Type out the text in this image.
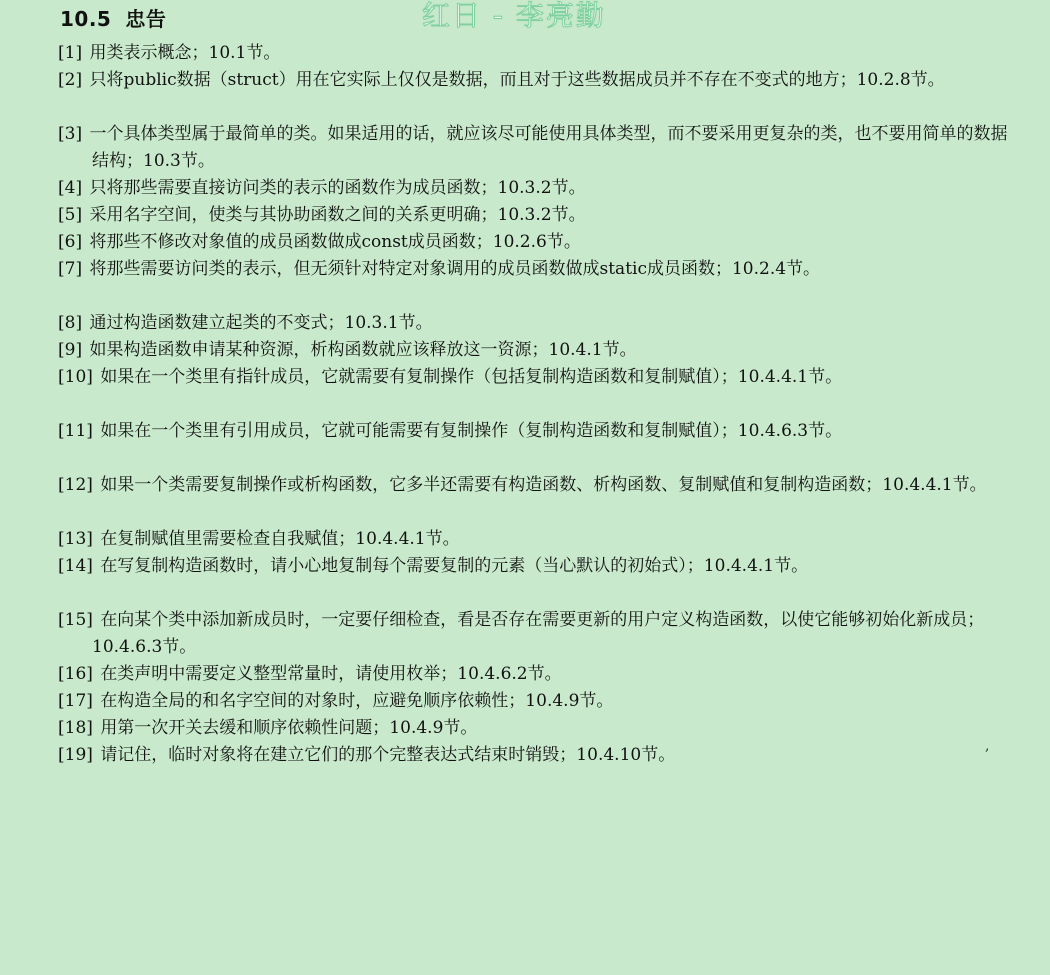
10.5 忠告	红日 - 李亮勤
[1] 用类表示概念；10.1节。
[2] 只将public数据（struct）用在它实际上仅仅是数据，而且对于这些数据成员并不存在不变式的地方；10.2.8节。
[3] 一个具体类型属于最简单的类。如果适用的话，就应该尽可能使用具体类型，而不要采用更复杂的类，也不要用简单的数据结构；10.3节。
[4] 只将那些需要直接访问类的表示的函数作为成员函数；10.3.2节。
[5] 采用名字空间，使类与其协助函数之间的关系更明确；10.3.2节。
[6] 将那些不修改对象值的成员函数做成const成员函数；10.2.6节。
[7] 将那些需要访问类的表示，但无须针对特定对象调用的成员函数做成static成员函数；10.2.4节。
[8] 通过构造函数建立起类的不变式；10.3.1节。
[9] 如果构造函数申请某种资源，析构函数就应该释放这一资源；10.4.1节。
[10] 如果在一个类里有指针成员，它就需要有复制操作（包括复制构造函数和复制赋值）；10.4.4.1节。
[11] 如果在一个类里有引用成员，它就可能需要有复制操作（复制构造函数和复制赋值）；10.4.6.3节。
[12] 如果一个类需要复制操作或析构函数，它多半还需要有构造函数、析构函数、复制赋值和复制构造函数；10.4.4.1节。
[13] 在复制赋值里需要检查自我赋值；10.4.4.1节。
[14] 在写复制构造函数时，请小心地复制每个需要复制的元素（当心默认的初始式）；10.4.4.1节。
[15] 在向某个类中添加新成员时，一定要仔细检查，看是否存在需要更新的用户定义构造函数，以使它能够初始化新成员；10.4.6.3节。
[16] 在类声明中需要定义整型常量时，请使用枚举；10.4.6.2节。
[17] 在构造全局的和名字空间的对象时，应避免顺序依赖性；10.4.9节。
[18] 用第一次开关去缓和顺序依赖性问题；10.4.9节。
[19] 请记住，临时对象将在建立它们的那个完整表达式结束时销毁；10.4.10节。	,
